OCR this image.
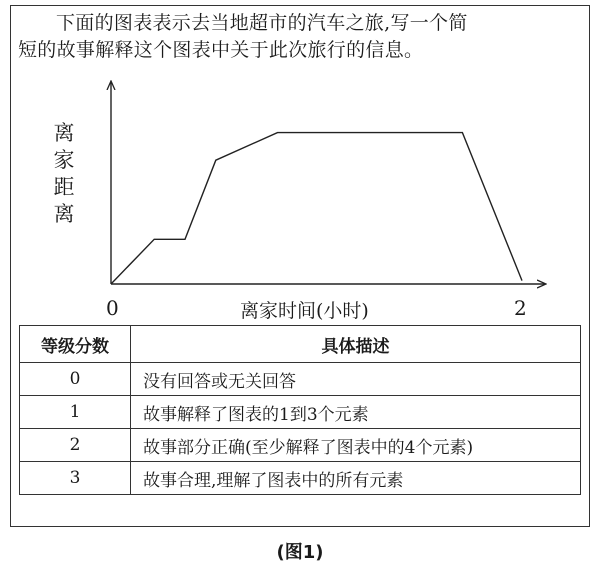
下面的图表表示去当地超市的汽车之旅,写一个简
短的故事解释这个图表中关于此次旅行的信息。
离
家
距
离
0	2
离家时间(小时)
等级分数	具体描述
0	没有回答或无关回答
1	故事解释了图表的1到3个元素
2	故事部分正确(至少解释了图表中的4个元素)
3	故事合理,理解了图表中的所有元素
(图1)
